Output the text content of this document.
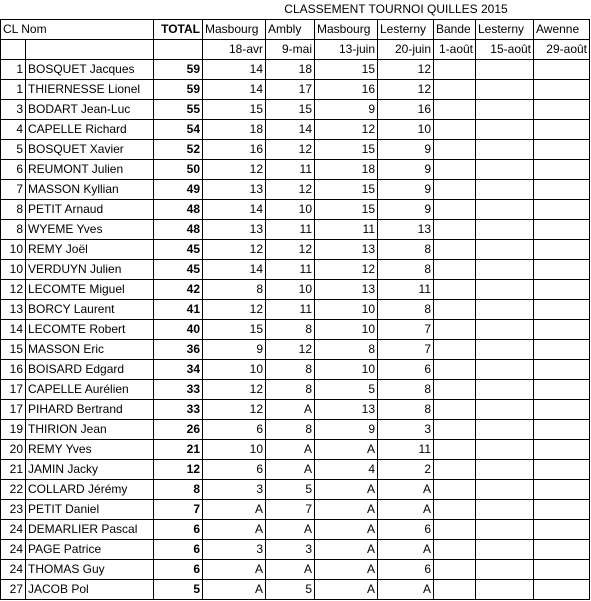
			CLASSEMENT TOURNOI QUILLES 2015						
CL Nom		TOTAL	Masbourg	Ambly	Masbourg	Lesterny	Bande	Lesterny	Awenne
			18-avr	9-mai	13-juin	20-juin	1-août	15-août	29-août
1	BOSQUET Jacques	59	14	18	15	12			
1	THIERNESSE Lionel	59	14	17	16	12			
3	BODART Jean-Luc	55	15	15	9	16			
4	CAPELLE Richard	54	18	14	12	10			
5	BOSQUET Xavier	52	16	12	15	9			
6	REUMONT Julien	50	12	11	18	9			
7	MASSON Kyllian	49	13	12	15	9			
8	PETIT Arnaud	48	14	10	15	9			
8	WYEME Yves	48	13	11	11	13			
10	REMY Joël	45	12	12	13	8			
10	VERDUYN Julien	45	14	11	12	8			
12	LECOMTE Miguel	42	8	10	13	11			
13	BORCY Laurent	41	12	11	10	8			
14	LECOMTE Robert	40	15	8	10	7			
15	MASSON Eric	36	9	12	8	7			
16	BOISARD Edgard	34	10	8	10	6			
17	CAPELLE Aurélien	33	12	8	5	8			
17	PIHARD Bertrand	33	12	A	13	8			
19	THIRION Jean	26	6	8	9	3			
20	REMY Yves	21	10	A	A	11			
21	JAMIN Jacky	12	6	A	4	2			
22	COLLARD Jérémy	8	3	5	A	A			
23	PETIT Daniel	7	A	7	A	A			
24	DEMARLIER Pascal	6	A	A	A	6			
24	PAGE Patrice	6	3	3	A	A			
24	THOMAS Guy	6	A	A	A	6			
27	JACOB Pol	5	A	5	A	A			
